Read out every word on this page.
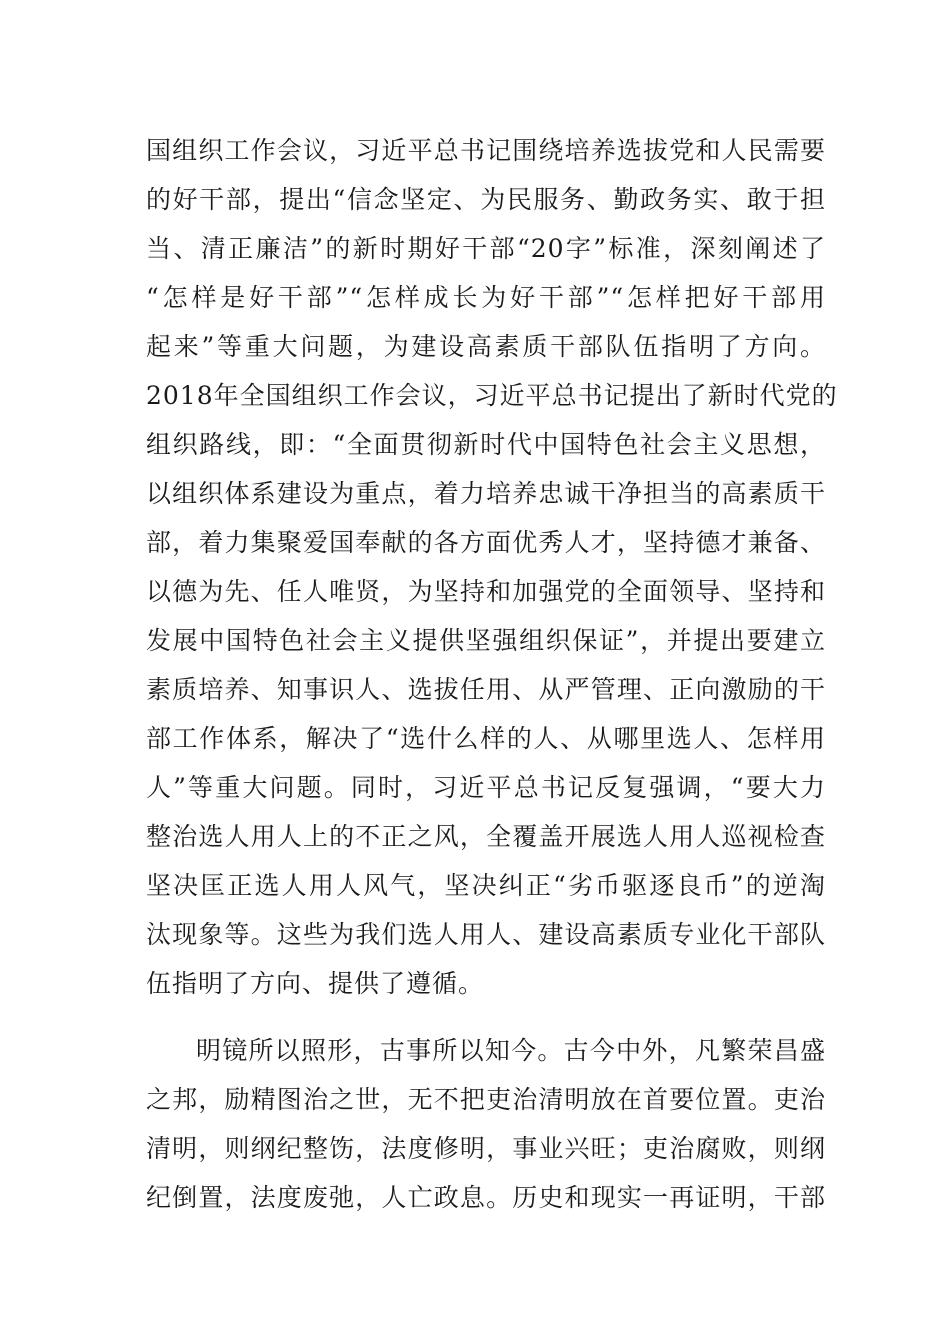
国组织工作会议，习近平总书记围绕培养选拔党和人民需要
的好干部，提出“信念坚定、为民服务、勤政务实、敢于担
当、清正廉洁”的新时期好干部“20字”标准，深刻阐述了
“怎样是好干部”“怎样成长为好干部”“怎样把好干部用
起来”等重大问题，为建设高素质干部队伍指明了方向。
2018年全国组织工作会议，习近平总书记提出了新时代党的
组织路线，即：“全面贯彻新时代中国特色社会主义思想，
以组织体系建设为重点，着力培养忠诚干净担当的高素质干
部，着力集聚爱国奉献的各方面优秀人才，坚持德才兼备、
以德为先、任人唯贤，为坚持和加强党的全面领导、坚持和
发展中国特色社会主义提供坚强组织保证”，并提出要建立
素质培养、知事识人、选拔任用、从严管理、正向激励的干
部工作体系，解决了“选什么样的人、从哪里选人、怎样用
人”等重大问题。同时，习近平总书记反复强调，“要大力
整治选人用人上的不正之风，全覆盖开展选人用人巡视检查
坚决匡正选人用人风气，坚决纠正“劣币驱逐良币”的逆淘
汰现象等。这些为我们选人用人、建设高素质专业化干部队
伍指明了方向、提供了遵循。
明镜所以照形，古事所以知今。古今中外，凡繁荣昌盛
之邦，励精图治之世，无不把吏治清明放在首要位置。吏治
清明，则纲纪整饬，法度修明，事业兴旺；吏治腐败，则纲
纪倒置，法度废弛，人亡政息。历史和现实一再证明，干部
